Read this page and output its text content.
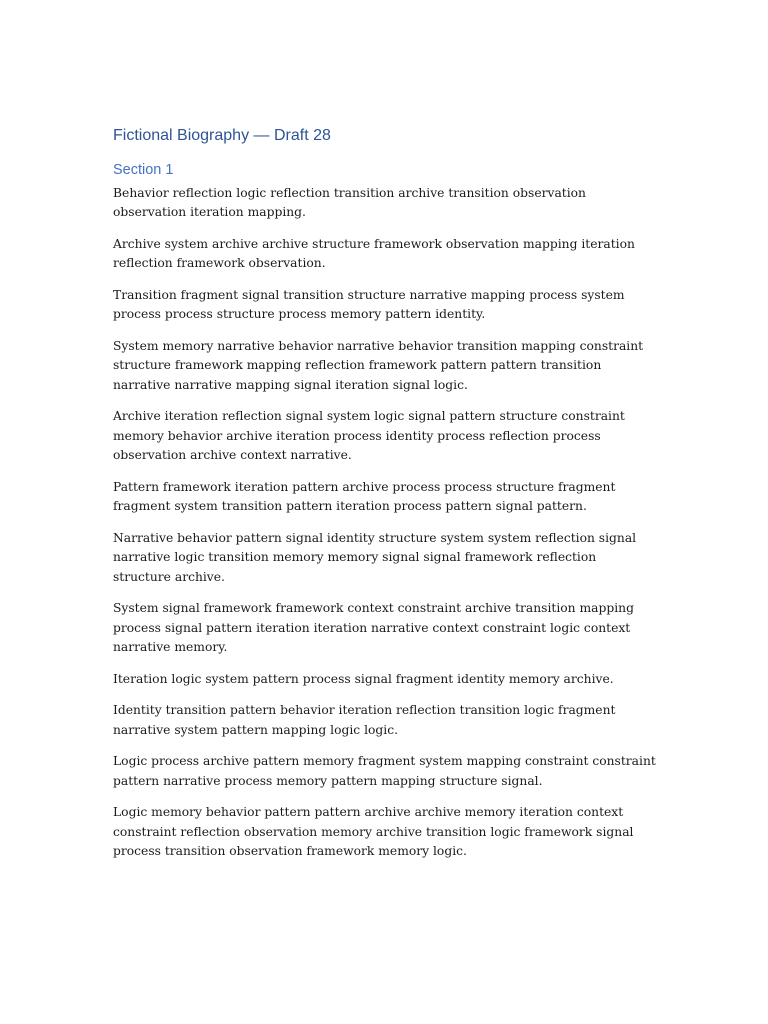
Fictional Biography — Draft 28
Section 1

Behavior reflection logic reflection transition archive transition observation observation iteration mapping.

Archive system archive archive structure framework observation mapping iteration reflection framework observation.

Transition fragment signal transition structure narrative mapping process system process process structure process memory pattern identity.

System memory narrative behavior narrative behavior transition mapping constraint structure framework mapping reflection framework pattern pattern transition narrative narrative mapping signal iteration signal logic.

Archive iteration reflection signal system logic signal pattern structure constraint memory behavior archive iteration process identity process reflection process observation archive context narrative.

Pattern framework iteration pattern archive process process structure fragment fragment system transition pattern iteration process pattern signal pattern.

Narrative behavior pattern signal identity structure system system reflection signal narrative logic transition memory memory signal signal framework reflection structure archive.

System signal framework framework context constraint archive transition mapping process signal pattern iteration iteration narrative context constraint logic context narrative memory.

Iteration logic system pattern process signal fragment identity memory archive.

Identity transition pattern behavior iteration reflection transition logic fragment narrative system pattern mapping logic logic.

Logic process archive pattern memory fragment system mapping constraint constraint pattern narrative process memory pattern mapping structure signal.

Logic memory behavior pattern pattern archive archive memory iteration context constraint reflection observation memory archive transition logic framework signal process transition observation framework memory logic.
